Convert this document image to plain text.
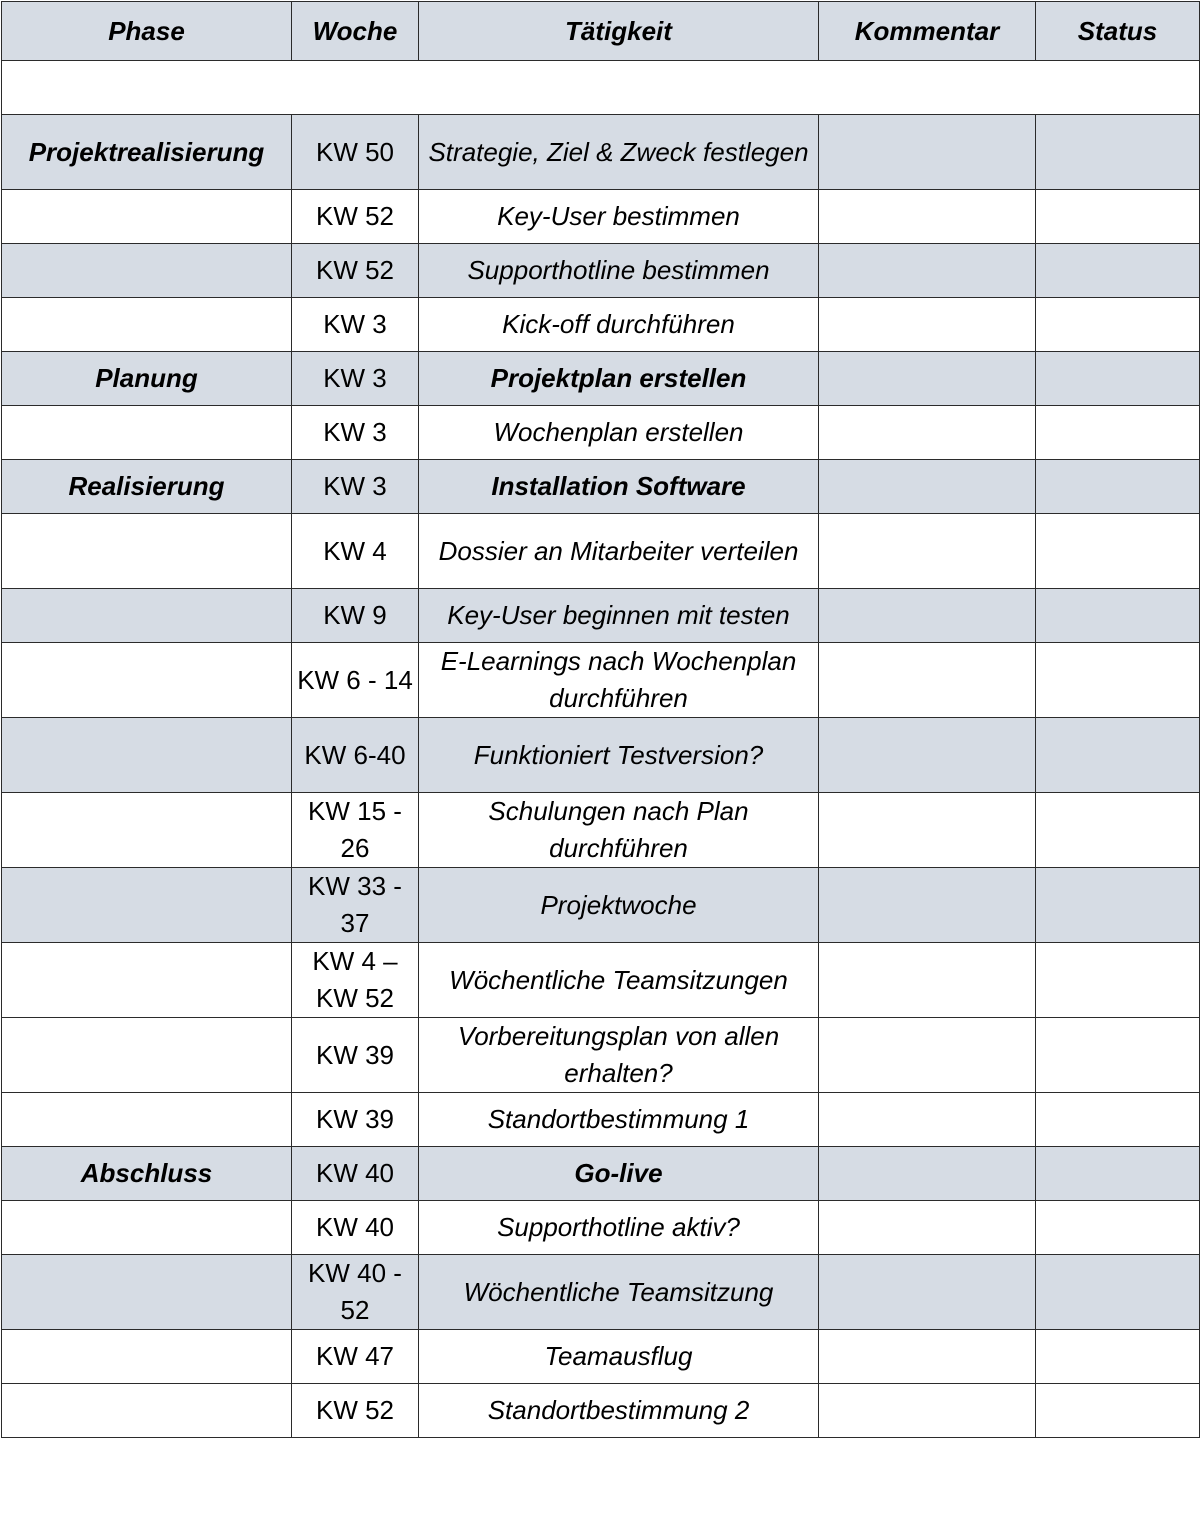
Phase	Woche	Tätigkeit	Kommentar	Status

Projektrealisierung	KW 50	Strategie, Ziel & Zweck festlegen		
	KW 52	Key-User bestimmen		
	KW 52	Supporthotline bestimmen		
	KW 3	Kick-off durchführen		
Planung	KW 3	Projektplan erstellen		
	KW 3	Wochenplan erstellen		
Realisierung	KW 3	Installation Software		
	KW 4	Dossier an Mitarbeiter verteilen		
	KW 9	Key-User beginnen mit testen		
	KW 6 - 14	E-Learnings nach Wochenplan durchführen		
	KW 6-40	Funktioniert Testversion?		
	KW 15 - 26	Schulungen nach Plan durchführen		
	KW 33 - 37	Projektwoche		
	KW 4 – KW 52	Wöchentliche Teamsitzungen		
	KW 39	Vorbereitungsplan von allen erhalten?		
	KW 39	Standortbestimmung 1		
Abschluss	KW 40	Go-live		
	KW 40	Supporthotline aktiv?		
	KW 40 - 52	Wöchentliche Teamsitzung		
	KW 47	Teamausflug		
	KW 52	Standortbestimmung 2		
